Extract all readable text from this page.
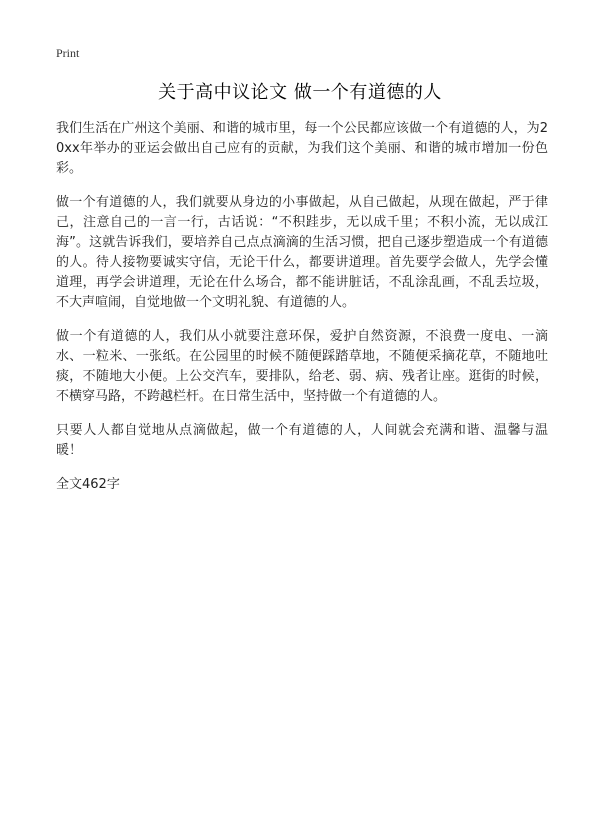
Print
关于高中议论文 做一个有道德的人

我们生活在广州这个美丽、和谐的城市里，每一个公民都应该做一个有道德的人，为20xx年举办的亚运会做出自己应有的贡献，为我们这个美丽、和谐的城市增加一份色彩。

做一个有道德的人，我们就要从身边的小事做起，从自己做起，从现在做起，严于律己，注意自己的一言一行，古话说：“不积跬步，无以成千里；不积小流，无以成江海”。这就告诉我们，要培养自己点点滴滴的生活习惯，把自己逐步塑造成一个有道德的人。待人接物要诚实守信，无论干什么，都要讲道理。首先要学会做人，先学会懂道理，再学会讲道理，无论在什么场合，都不能讲脏话，不乱涂乱画，不乱丢垃圾，不大声喧闹，自觉地做一个文明礼貌、有道德的人。

做一个有道德的人，我们从小就要注意环保，爱护自然资源，不浪费一度电、一滴水、一粒米、一张纸。在公园里的时候不随便踩踏草地，不随便采摘花草，不随地吐痰，不随地大小便。上公交汽车，要排队，给老、弱、病、残者让座。逛街的时候，不横穿马路，不跨越栏杆。在日常生活中，坚持做一个有道德的人。

只要人人都自觉地从点滴做起，做一个有道德的人，人间就会充满和谐、温馨与温暖！

全文462字
